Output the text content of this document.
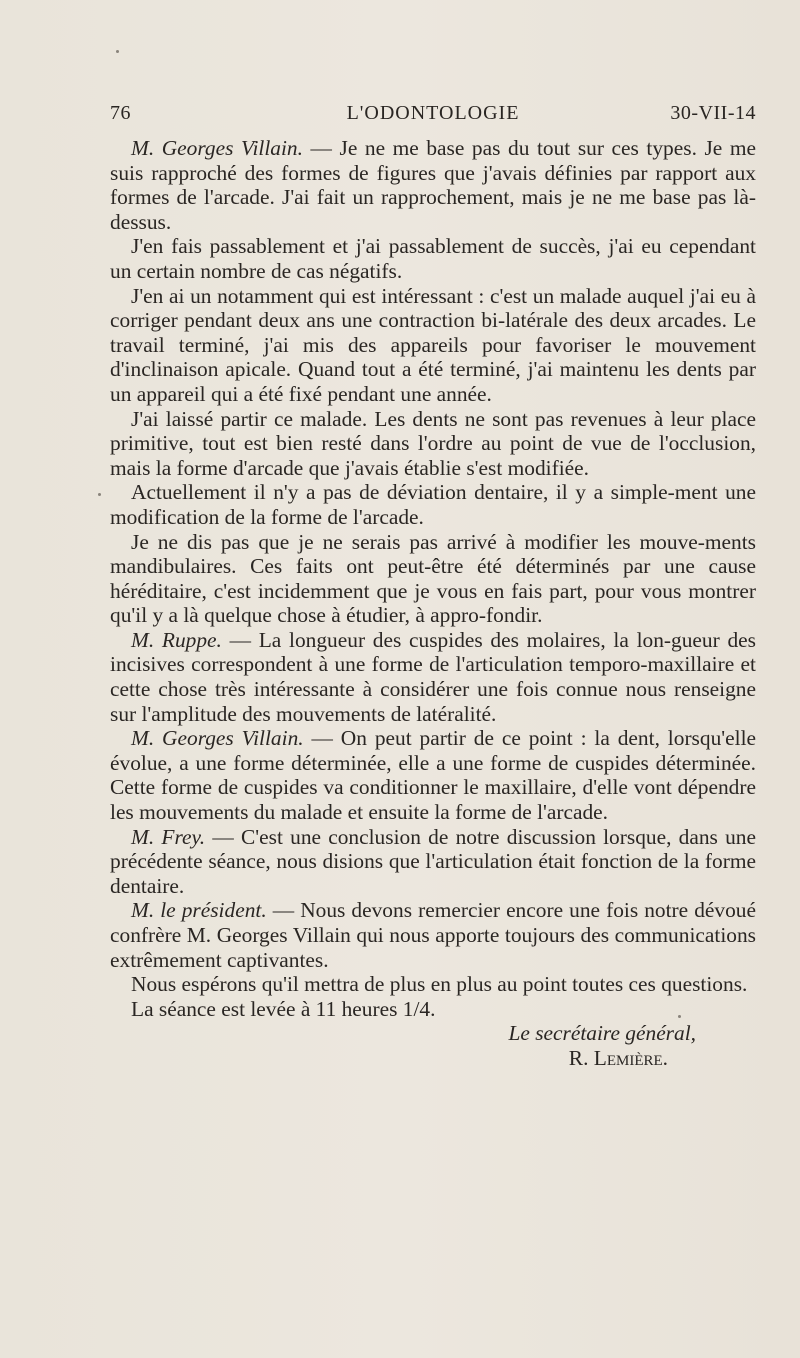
76	L'ODONTOLOGIE	30-VII-14

M. Georges Villain. — Je ne me base pas du tout sur ces types. Je me suis rapproché des formes de figures que j'avais définies par rapport aux formes de l'arcade. J'ai fait un rapprochement, mais je ne me base pas là-dessus.

J'en fais passablement et j'ai passablement de succès, j'ai eu cependant un certain nombre de cas négatifs.

J'en ai un notamment qui est intéressant : c'est un malade auquel j'ai eu à corriger pendant deux ans une contraction bi-latérale des deux arcades. Le travail terminé, j'ai mis des appareils pour favoriser le mouvement d'inclinaison apicale. Quand tout a été terminé, j'ai maintenu les dents par un appareil qui a été fixé pendant une année.

J'ai laissé partir ce malade. Les dents ne sont pas revenues à leur place primitive, tout est bien resté dans l'ordre au point de vue de l'occlusion, mais la forme d'arcade que j'avais établie s'est modifiée.

Actuellement il n'y a pas de déviation dentaire, il y a simple-ment une modification de la forme de l'arcade.

Je ne dis pas que je ne serais pas arrivé à modifier les mouve-ments mandibulaires. Ces faits ont peut-être été déterminés par une cause héréditaire, c'est incidemment que je vous en fais part, pour vous montrer qu'il y a là quelque chose à étudier, à appro-fondir.

M. Ruppe. — La longueur des cuspides des molaires, la lon-gueur des incisives correspondent à une forme de l'articulation temporo-maxillaire et cette chose très intéressante à considérer une fois connue nous renseigne sur l'amplitude des mouvements de latéralité.

M. Georges Villain. — On peut partir de ce point : la dent, lorsqu'elle évolue, a une forme déterminée, elle a une forme de cuspides déterminée. Cette forme de cuspides va conditionner le maxillaire, d'elle vont dépendre les mouvements du malade et ensuite la forme de l'arcade.

M. Frey. — C'est une conclusion de notre discussion lorsque, dans une précédente séance, nous disions que l'articulation était fonction de la forme dentaire.

M. le président. — Nous devons remercier encore une fois notre dévoué confrère M. Georges Villain qui nous apporte toujours des communications extrêmement captivantes.

Nous espérons qu'il mettra de plus en plus au point toutes ces questions.

La séance est levée à 11 heures 1/4.

Le secrétaire général,

R. Lemière.
